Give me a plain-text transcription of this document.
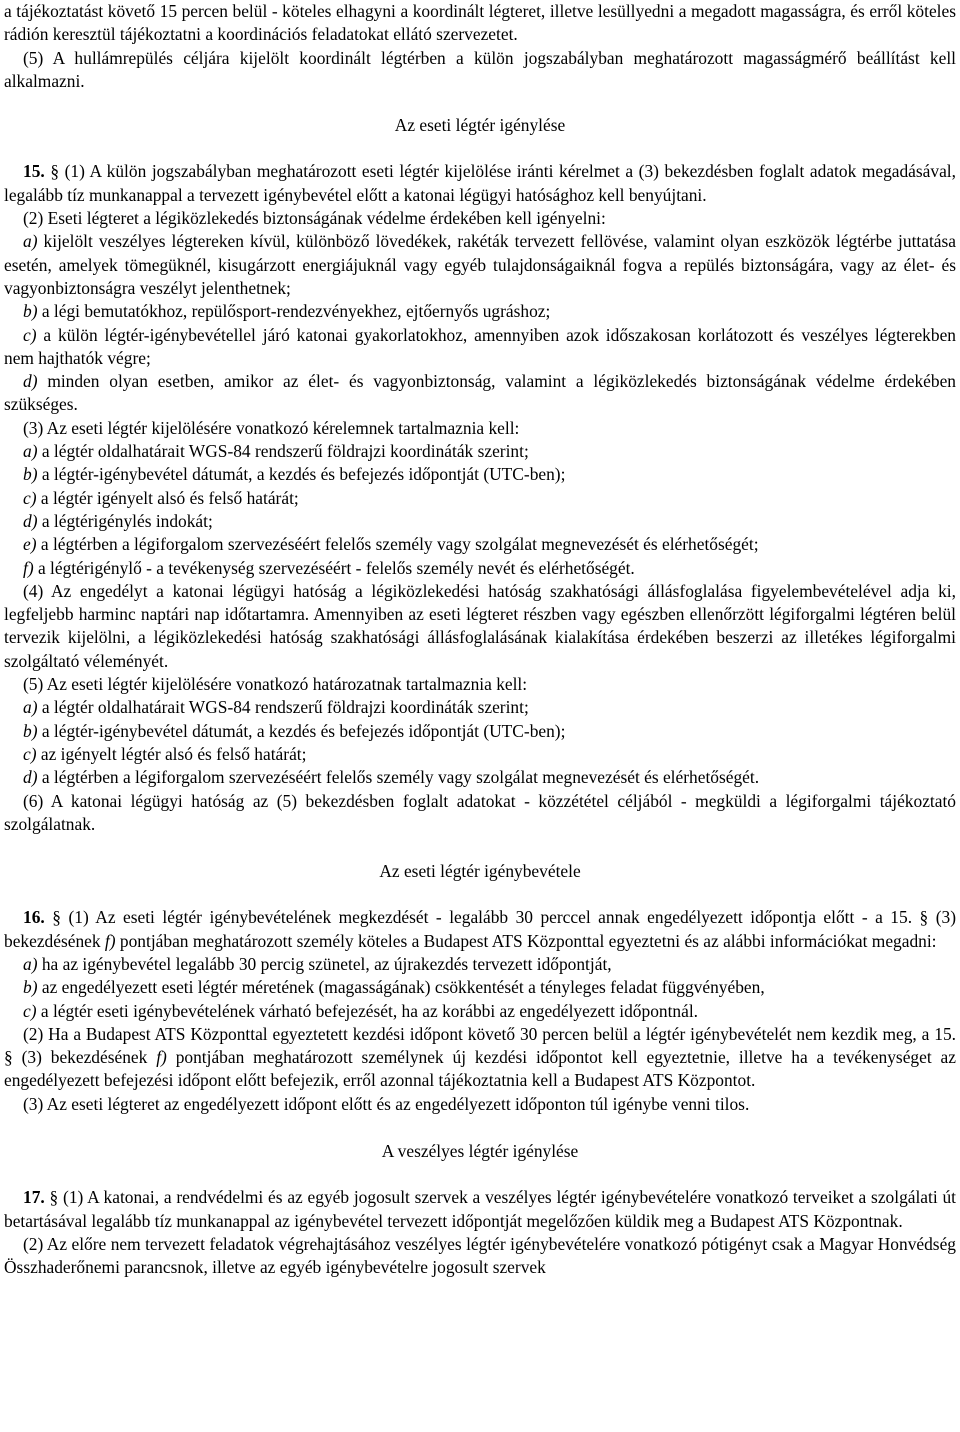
a tájékoztatást követő 15 percen belül - köteles elhagyni a koordinált légteret, illetve lesüllyedni a megadott magasságra, és erről köteles rádión keresztül tájékoztatni a koordinációs feladatokat ellátó szervezetet.

(5) A hullámrepülés céljára kijelölt koordinált légtérben a külön jogszabályban meghatározott magasságmérő beállítást kell alkalmazni.

Az eseti légtér igénylése

15. § (1) A külön jogszabályban meghatározott eseti légtér kijelölése iránti kérelmet a (3) bekezdésben foglalt adatok megadásával, legalább tíz munkanappal a tervezett igénybevétel előtt a katonai légügyi hatósághoz kell benyújtani.

(2) Eseti légteret a légiközlekedés biztonságának védelme érdekében kell igényelni:

a) kijelölt veszélyes légtereken kívül, különböző lövedékek, rakéták tervezett fellövése, valamint olyan eszközök légtérbe juttatása esetén, amelyek tömegüknél, kisugárzott energiájuknál vagy egyéb tulajdonságaiknál fogva a repülés biztonságára, vagy az élet- és vagyonbiztonságra veszélyt jelenthetnek;

b) a légi bemutatókhoz, repülősport-rendezvényekhez, ejtőernyős ugráshoz;

c) a külön légtér-igénybevétellel járó katonai gyakorlatokhoz, amennyiben azok időszakosan korlátozott és veszélyes légterekben nem hajthatók végre;

d) minden olyan esetben, amikor az élet- és vagyonbiztonság, valamint a légiközlekedés biztonságának védelme érdekében szükséges.

(3) Az eseti légtér kijelölésére vonatkozó kérelemnek tartalmaznia kell:

a) a légtér oldalhatárait WGS-84 rendszerű földrajzi koordináták szerint;

b) a légtér-igénybevétel dátumát, a kezdés és befejezés időpontját (UTC-ben);

c) a légtér igényelt alsó és felső határát;

d) a légtérigénylés indokát;

e) a légtérben a légiforgalom szervezéséért felelős személy vagy szolgálat megnevezését és elérhetőségét;

f) a légtérigénylő - a tevékenység szervezéséért - felelős személy nevét és elérhetőségét.

(4) Az engedélyt a katonai légügyi hatóság a légiközlekedési hatóság szakhatósági állásfoglalása figyelembevételével adja ki, legfeljebb harminc naptári nap időtartamra. Amennyiben az eseti légteret részben vagy egészben ellenőrzött légiforgalmi légtéren belül tervezik kijelölni, a légiközlekedési hatóság szakhatósági állásfoglalásának kialakítása érdekében beszerzi az illetékes légiforgalmi szolgáltató véleményét.

(5) Az eseti légtér kijelölésére vonatkozó határozatnak tartalmaznia kell:

a) a légtér oldalhatárait WGS-84 rendszerű földrajzi koordináták szerint;

b) a légtér-igénybevétel dátumát, a kezdés és befejezés időpontját (UTC-ben);

c) az igényelt légtér alsó és felső határát;

d) a légtérben a légiforgalom szervezéséért felelős személy vagy szolgálat megnevezését és elérhetőségét.

(6) A katonai légügyi hatóság az (5) bekezdésben foglalt adatokat - közzététel céljából - megküldi a légiforgalmi tájékoztató szolgálatnak.

Az eseti légtér igénybevétele

16. § (1) Az eseti légtér igénybevételének megkezdését - legalább 30 perccel annak engedélyezett időpontja előtt - a 15. § (3) bekezdésének f) pontjában meghatározott személy köteles a Budapest ATS Központtal egyeztetni és az alábbi információkat megadni:

a) ha az igénybevétel legalább 30 percig szünetel, az újrakezdés tervezett időpontját,

b) az engedélyezett eseti légtér méretének (magasságának) csökkentését a tényleges feladat függvényében,

c) a légtér eseti igénybevételének várható befejezését, ha az korábbi az engedélyezett időpontnál.

(2) Ha a Budapest ATS Központtal egyeztetett kezdési időpont követő 30 percen belül a légtér igénybevételét nem kezdik meg, a 15. § (3) bekezdésének f) pontjában meghatározott személynek új kezdési időpontot kell egyeztetnie, illetve ha a tevékenységet az engedélyezett befejezési időpont előtt befejezik, erről azonnal tájékoztatnia kell a Budapest ATS Központot.

(3) Az eseti légteret az engedélyezett időpont előtt és az engedélyezett időponton túl igénybe venni tilos.

A veszélyes légtér igénylése

17. § (1) A katonai, a rendvédelmi és az egyéb jogosult szervek a veszélyes légtér igénybevételére vonatkozó terveiket a szolgálati út betartásával legalább tíz munkanappal az igénybevétel tervezett időpontját megelőzően küldik meg a Budapest ATS Központnak.

(2) Az előre nem tervezett feladatok végrehajtásához veszélyes légtér igénybevételére vonatkozó pótigényt csak a Magyar Honvédség Összhaderőnemi parancsnok, illetve az egyéb igénybevételre jogosult szervek
